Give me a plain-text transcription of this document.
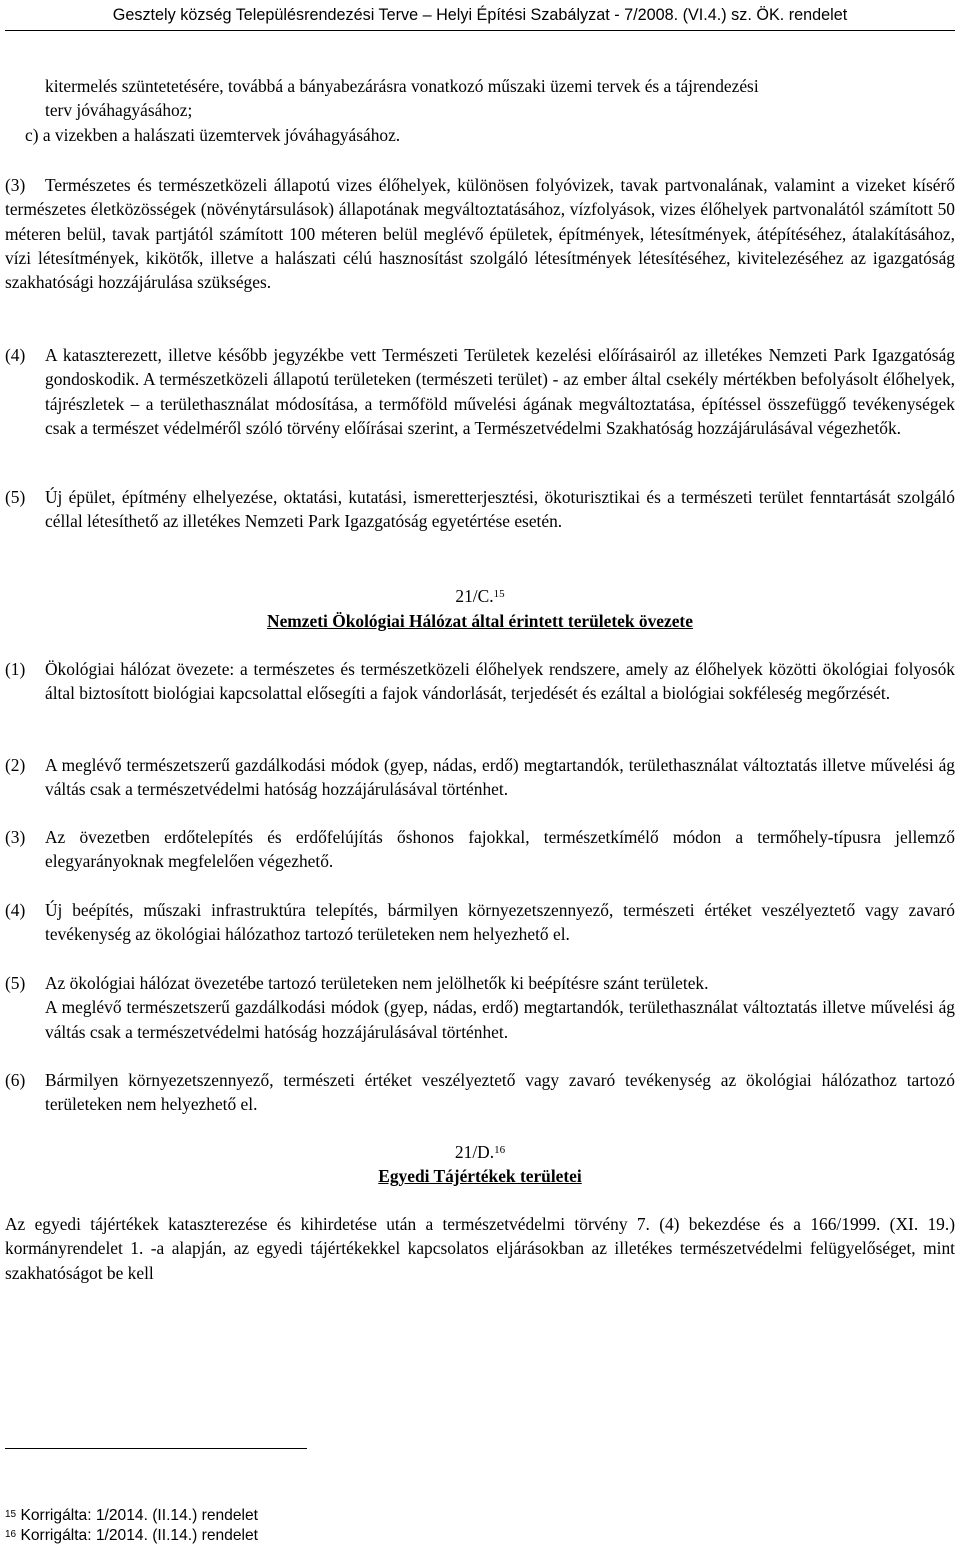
Gesztely község Településrendezési Terve – Helyi Építési Szabályzat - 7/2008. (VI.4.) sz. ÖK. rendelet
kitermelés szüntetetésére, továbbá a bányabezárásra vonatkozó műszaki üzemi tervek és a tájrendezési
terv jóváhagyásához;
c) a vizekben a halászati üzemtervek jóváhagyásához.
(3)	Természetes és természetközeli állapotú vizes élőhelyek, különösen folyóvizek, tavak partvonalának, valamint a vizeket kísérő természetes életközösségek (növénytársulások) állapotának megváltoztatásához, vízfolyások, vizes élőhelyek partvonalától számított 50 méteren belül, tavak partjától számított 100 méteren belül meglévő épületek, építmények, létesítmények, átépítéséhez, átalakításához, vízi létesítmények, kikötők, illetve a halászati célú hasznosítást szolgáló létesítmények létesítéséhez, kivitelezéséhez az igazgatóság szakhatósági hozzájárulása szükséges.
(4) A kataszterezett, illetve később jegyzékbe vett Természeti Területek kezelési előírásairól az illetékes Nemzeti Park Igazgatóság gondoskodik. A természetközeli állapotú területeken (természeti terület) - az ember által csekély mértékben befolyásolt élőhelyek, tájrészletek – a területhasználat módosítása, a termőföld művelési ágának megváltoztatása, építéssel összefüggő tevékenységek csak a természet védelméről szóló törvény előírásai szerint, a Természetvédelmi Szakhatóság hozzájárulásával végezhetők.
(5) Új épület, építmény elhelyezése, oktatási, kutatási, ismeretterjesztési, ökoturisztikai és a természeti terület fenntartását szolgáló céllal létesíthető az illetékes Nemzeti Park Igazgatóság egyetértése esetén.
21/C.$^{15}$
Nemzeti Ökológiai Hálózat által érintett területek övezete
(1) Ökológiai hálózat övezete: a természetes és természetközeli élőhelyek rendszere, amely az élőhelyek közötti ökológiai folyosók által biztosított biológiai kapcsolattal elősegíti a fajok vándorlását, terjedését és ezáltal a biológiai sokféleség megőrzését.
(2) A meglévő természetszerű gazdálkodási módok (gyep, nádas, erdő) megtartandók, területhasználat változtatás illetve művelési ág váltás csak a természetvédelmi hatóság hozzájárulásával történhet.
(3) Az övezetben erdőtelepítés és erdőfelújítás őshonos fajokkal, természetkímélő módon a termőhely-típusra jellemző elegyarányoknak megfelelően végezhető.
(4) Új beépítés, műszaki infrastruktúra telepítés, bármilyen környezetszennyező, természeti értéket veszélyeztető vagy zavaró tevékenység az ökológiai hálózathoz tartozó területeken nem helyezhető el.
(5) Az ökológiai hálózat övezetébe tartozó területeken nem jelölhetők ki beépítésre szánt területek.
A meglévő természetszerű gazdálkodási módok (gyep, nádas, erdő) megtartandók, területhasználat változtatás illetve művelési ág váltás csak a természetvédelmi hatóság hozzájárulásával történhet.
(6) Bármilyen környezetszennyező, természeti értéket veszélyeztető vagy zavaró tevékenység az ökológiai hálózathoz tartozó területeken nem helyezhető el.
21/D.$^{16}$
Egyedi Tájértékek területei
Az egyedi tájértékek kataszterezése és kihirdetése után a természetvédelmi törvény 7. (4) bekezdése és a 166/1999. (XI. 19.) kormányrendelet 1. -a alapján, az egyedi tájértékekkel kapcsolatos eljárásokban az illetékes természetvédelmi felügyelőséget, mint szakhatóságot be kell
$^{15}$ Korrigálta: 1/2014. (II.14.) rendelet
$^{16}$ Korrigálta: 1/2014. (II.14.) rendelet
